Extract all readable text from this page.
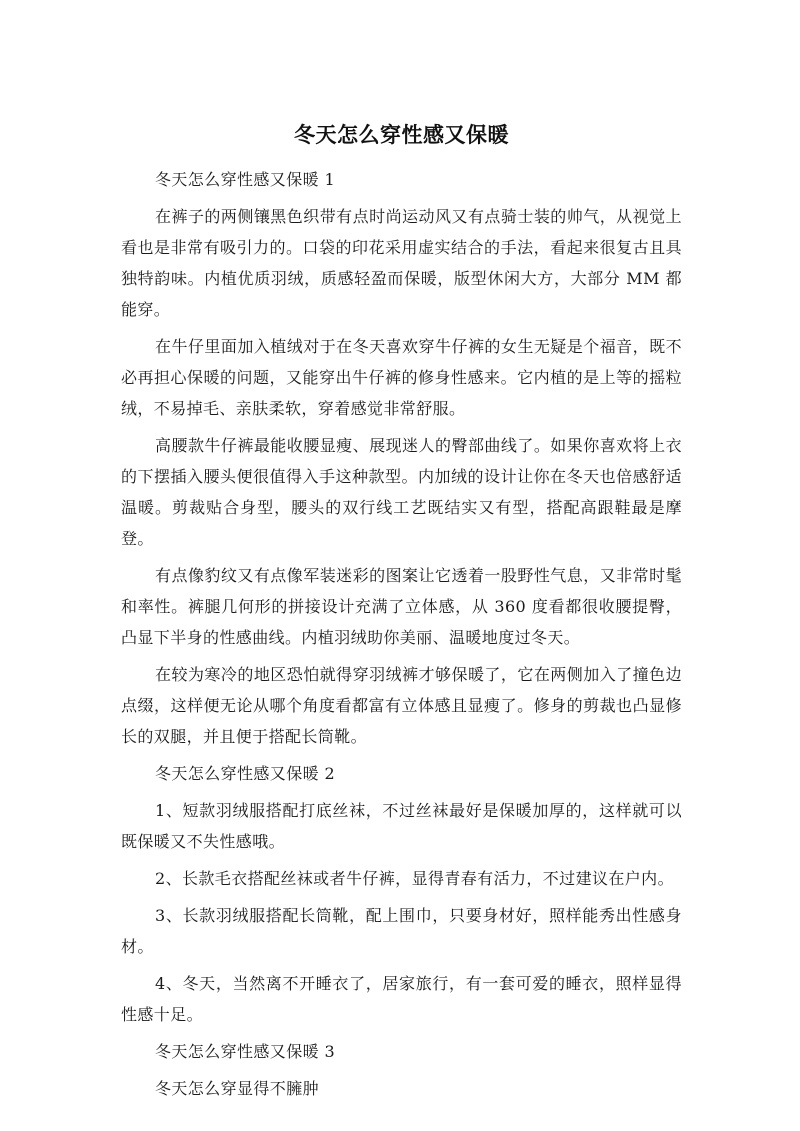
冬天怎么穿性感又保暖

冬天怎么穿性感又保暖 1

在裤子的两侧镶黑色织带有点时尚运动风又有点骑士装的帅气，从视觉上看也是非常有吸引力的。口袋的印花采用虚实结合的手法，看起来很复古且具独特韵味。内植优质羽绒，质感轻盈而保暖，版型休闲大方，大部分 MM 都能穿。

在牛仔里面加入植绒对于在冬天喜欢穿牛仔裤的女生无疑是个福音，既不必再担心保暖的问题，又能穿出牛仔裤的修身性感来。它内植的是上等的摇粒绒，不易掉毛、亲肤柔软，穿着感觉非常舒服。

高腰款牛仔裤最能收腰显瘦、展现迷人的臀部曲线了。如果你喜欢将上衣的下摆插入腰头便很值得入手这种款型。内加绒的设计让你在冬天也倍感舒适温暖。剪裁贴合身型，腰头的双行线工艺既结实又有型，搭配高跟鞋最是摩登。

有点像豹纹又有点像军装迷彩的图案让它透着一股野性气息，又非常时髦和率性。裤腿几何形的拼接设计充满了立体感，从 360 度看都很收腰提臀，凸显下半身的性感曲线。内植羽绒助你美丽、温暖地度过冬天。

在较为寒冷的地区恐怕就得穿羽绒裤才够保暖了，它在两侧加入了撞色边点缀，这样便无论从哪个角度看都富有立体感且显瘦了。修身的剪裁也凸显修长的双腿，并且便于搭配长筒靴。

冬天怎么穿性感又保暖 2

1、短款羽绒服搭配打底丝袜，不过丝袜最好是保暖加厚的，这样就可以既保暖又不失性感哦。

2、长款毛衣搭配丝袜或者牛仔裤，显得青春有活力，不过建议在户内。

3、长款羽绒服搭配长筒靴，配上围巾，只要身材好，照样能秀出性感身材。

4、冬天，当然离不开睡衣了，居家旅行，有一套可爱的睡衣，照样显得性感十足。

冬天怎么穿性感又保暖 3

冬天怎么穿显得不臃肿
